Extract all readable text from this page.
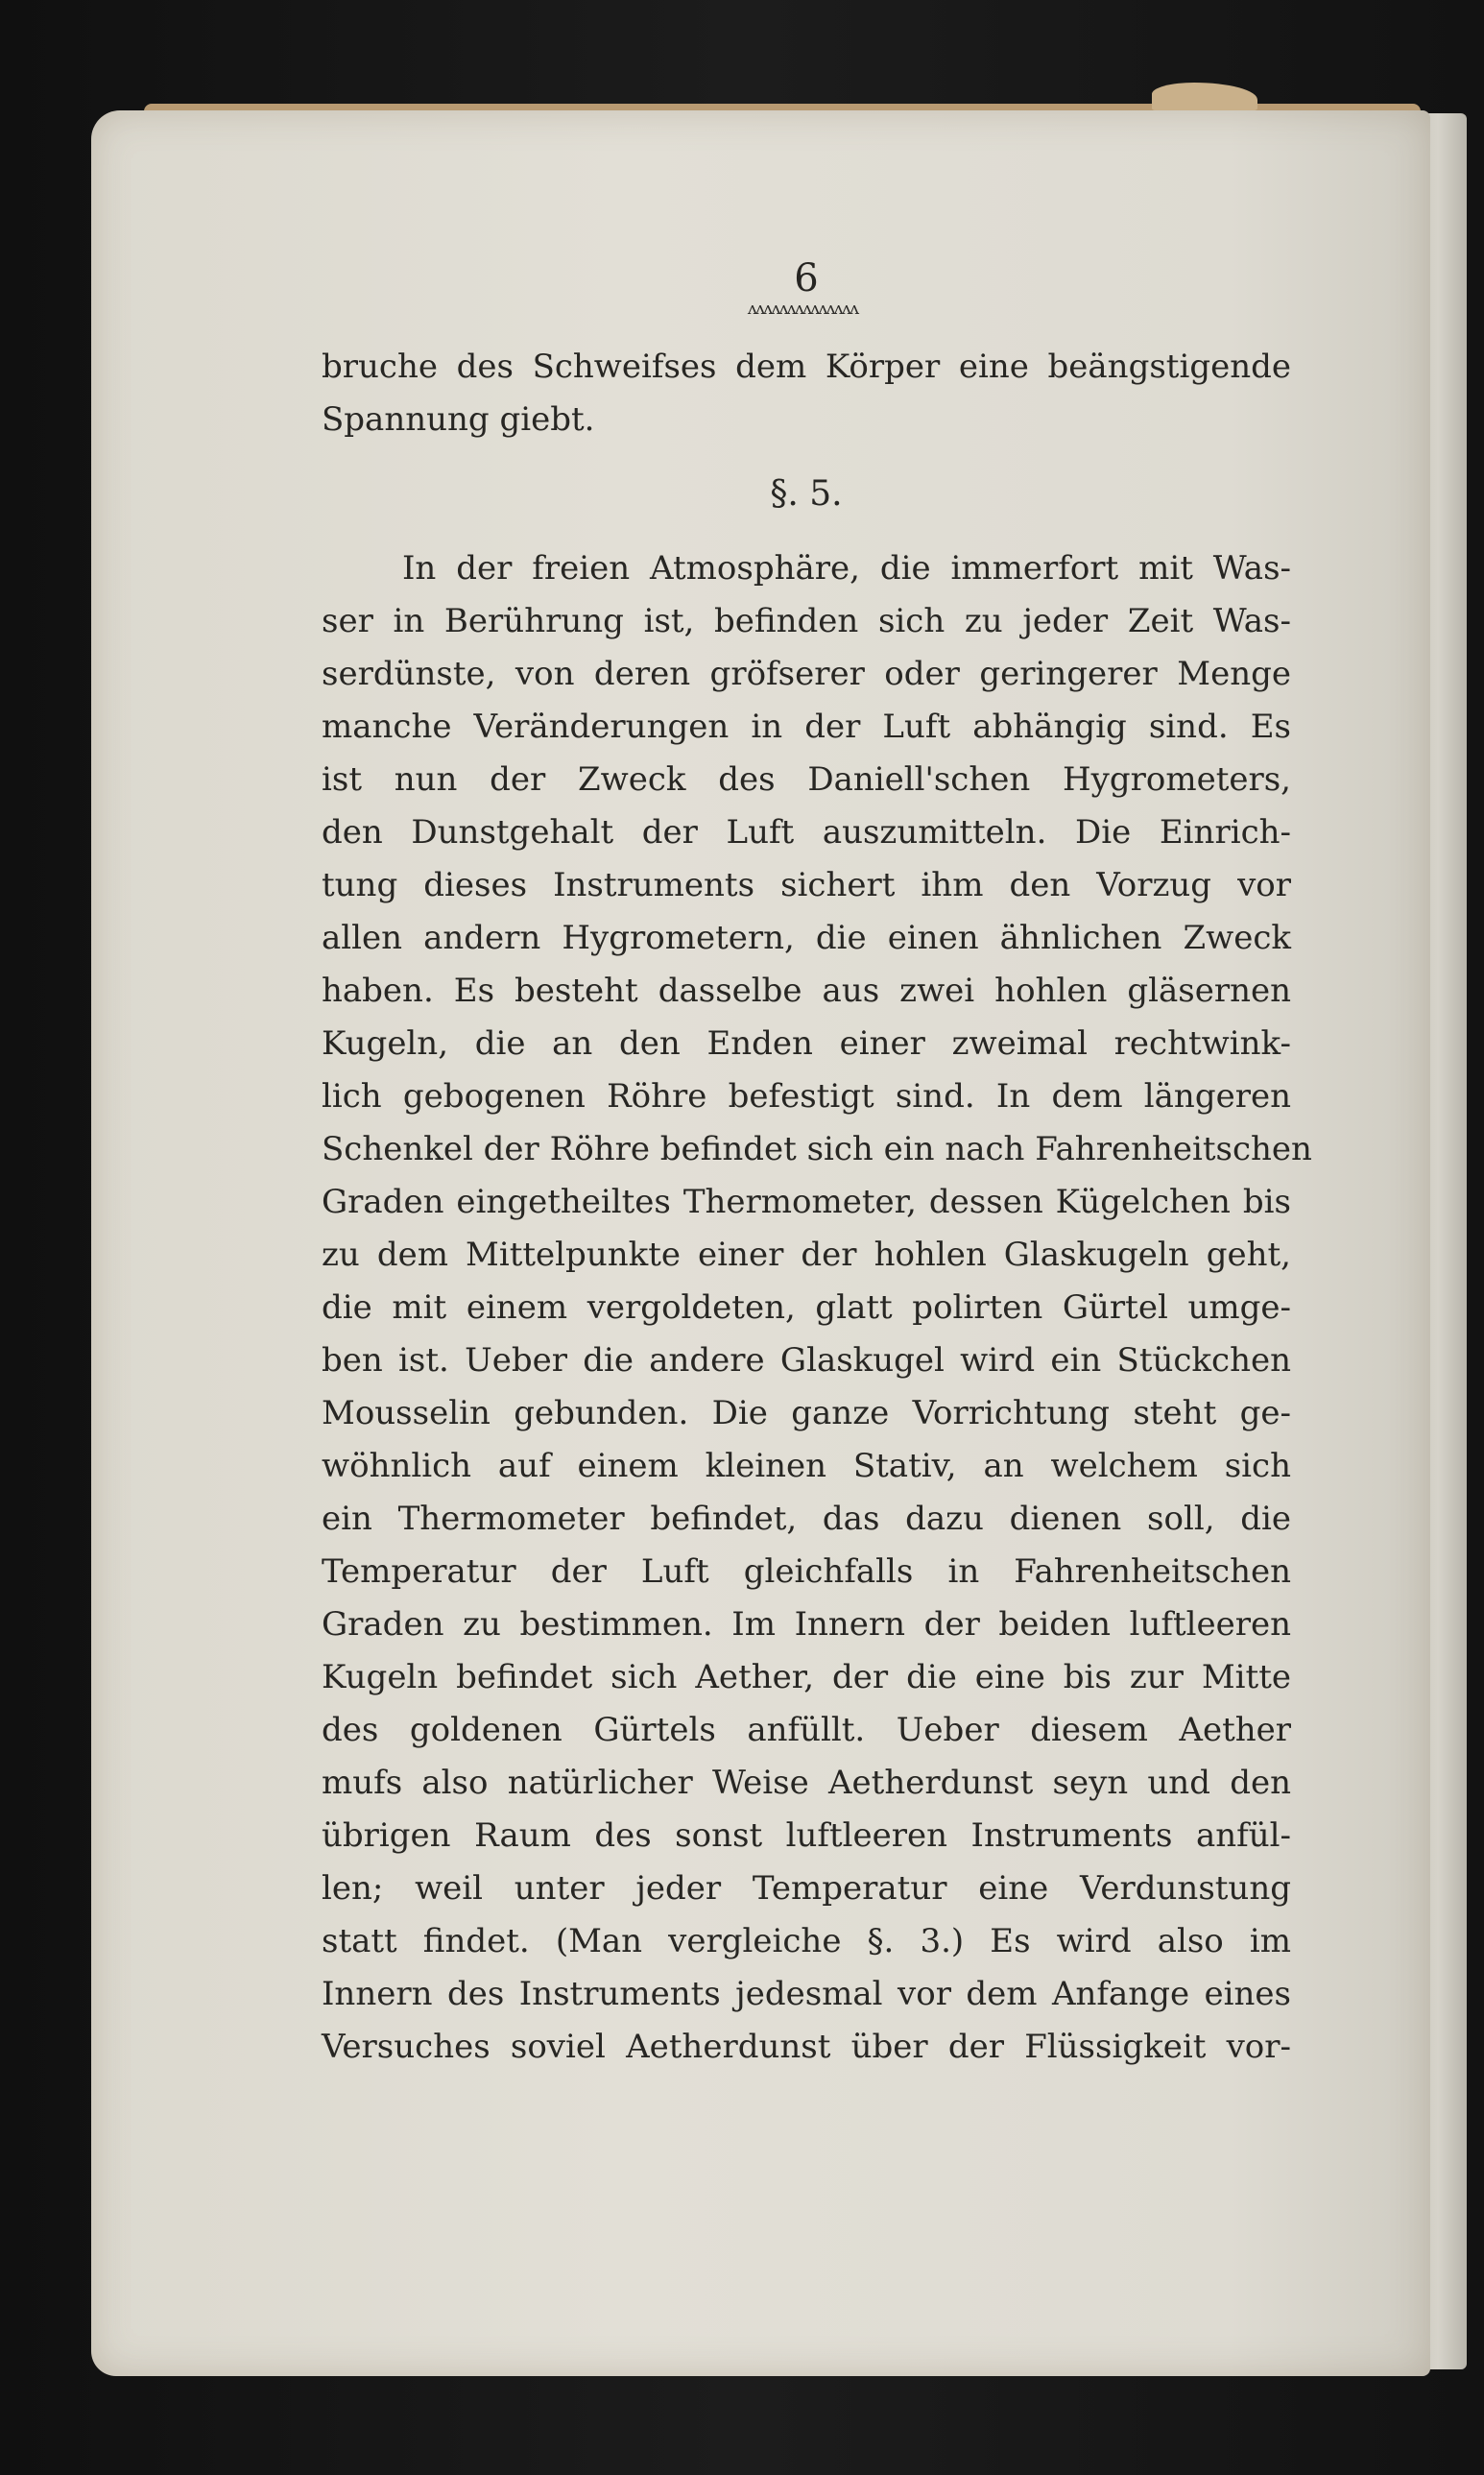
6
ʌʌʌʌʌʌʌʌʌʌʌʌʌʌ
bruche des Schweifses dem Körper eine beängstigende
Spannung giebt.
§. 5.
In der freien Atmosphäre, die immerfort mit Was-
ser in Berührung ist, befinden sich zu jeder Zeit Was-
serdünste, von deren gröfserer oder geringerer Menge
manche Veränderungen in der Luft abhängig sind. Es
ist nun der Zweck des Daniell'schen Hygrometers,
den Dunstgehalt der Luft auszumitteln. Die Einrich-
tung dieses Instruments sichert ihm den Vorzug vor
allen andern Hygrometern, die einen ähnlichen Zweck
haben. Es besteht dasselbe aus zwei hohlen gläsernen
Kugeln, die an den Enden einer zweimal rechtwink-
lich gebogenen Röhre befestigt sind. In dem längeren
Schenkel der Röhre befindet sich ein nach Fahrenheitschen
Graden eingetheiltes Thermometer, dessen Kügelchen bis
zu dem Mittelpunkte einer der hohlen Glaskugeln geht,
die mit einem vergoldeten, glatt polirten Gürtel umge-
ben ist. Ueber die andere Glaskugel wird ein Stückchen
Mousselin gebunden. Die ganze Vorrichtung steht ge-
wöhnlich auf einem kleinen Stativ, an welchem sich
ein Thermometer befindet, das dazu dienen soll, die
Temperatur der Luft gleichfalls in Fahrenheitschen
Graden zu bestimmen. Im Innern der beiden luftleeren
Kugeln befindet sich Aether, der die eine bis zur Mitte
des goldenen Gürtels anfüllt. Ueber diesem Aether
mufs also natürlicher Weise Aetherdunst seyn und den
übrigen Raum des sonst luftleeren Instruments anfül-
len; weil unter jeder Temperatur eine Verdunstung
statt findet. (Man vergleiche §. 3.) Es wird also im
Innern des Instruments jedesmal vor dem Anfange eines
Versuches soviel Aetherdunst über der Flüssigkeit vor-
